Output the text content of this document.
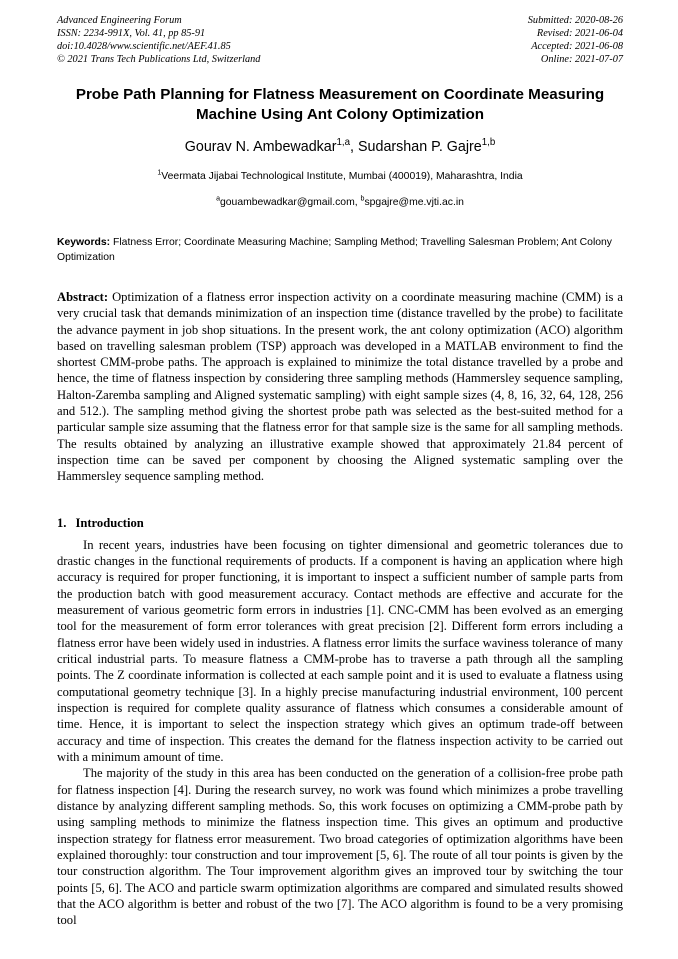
Advanced Engineering Forum
ISSN: 2234-991X, Vol. 41, pp 85-91
doi:10.4028/www.scientific.net/AEF.41.85
© 2021 Trans Tech Publications Ltd, Switzerland
Submitted: 2020-08-26
Revised: 2021-06-04
Accepted: 2021-06-08
Online: 2021-07-07
Probe Path Planning for Flatness Measurement on Coordinate Measuring Machine Using Ant Colony Optimization
Gourav N. Ambewadkar$^{1,a}$, Sudarshan P. Gajre$^{1,b}$
$^1$Veermata Jijabai Technological Institute, Mumbai (400019), Maharashtra, India
$^a$gouambewadkar@gmail.com, $^b$spgajre@me.vjti.ac.in
Keywords: Flatness Error; Coordinate Measuring Machine; Sampling Method; Travelling Salesman Problem; Ant Colony Optimization
Abstract: Optimization of a flatness error inspection activity on a coordinate measuring machine (CMM) is a very crucial task that demands minimization of an inspection time (distance travelled by the probe) to facilitate the advance payment in job shop situations. In the present work, the ant colony optimization (ACO) algorithm based on travelling salesman problem (TSP) approach was developed in a MATLAB environment to find the shortest CMM-probe paths. The approach is explained to minimize the total distance travelled by a probe and hence, the time of flatness inspection by considering three sampling methods (Hammersley sequence sampling, Halton-Zaremba sampling and Aligned systematic sampling) with eight sample sizes (4, 8, 16, 32, 64, 128, 256 and 512.). The sampling method giving the shortest probe path was selected as the best-suited method for a particular sample size assuming that the flatness error for that sample size is the same for all sampling methods. The results obtained by analyzing an illustrative example showed that approximately 21.84 percent of inspection time can be saved per component by choosing the Aligned systematic sampling over the Hammersley sequence sampling method.
1. Introduction

In recent years, industries have been focusing on tighter dimensional and geometric tolerances due to drastic changes in the functional requirements of products. If a component is having an application where high accuracy is required for proper functioning, it is important to inspect a sufficient number of sample parts from the production batch with good measurement accuracy. Contact methods are effective and accurate for the measurement of various geometric form errors in industries [1]. CNC-CMM has been evolved as an emerging tool for the measurement of form error tolerances with great precision [2]. Different form errors including a flatness error have been widely used in industries. A flatness error limits the surface waviness tolerance of many critical industrial parts. To measure flatness a CMM-probe has to traverse a path through all the sampling points. The Z coordinate information is collected at each sample point and it is used to evaluate a flatness using computational geometry technique [3]. In a highly precise manufacturing industrial environment, 100 percent inspection is required for complete quality assurance of flatness which consumes a considerable amount of time. Hence, it is important to select the inspection strategy which gives an optimum trade-off between accuracy and time of inspection. This creates the demand for the flatness inspection activity to be carried out with a minimum amount of time.

The majority of the study in this area has been conducted on the generation of a collision-free probe path for flatness inspection [4]. During the research survey, no work was found which minimizes a probe travelling distance by analyzing different sampling methods. So, this work focuses on optimizing a CMM-probe path by using sampling methods to minimize the flatness inspection time. This gives an optimum and productive inspection strategy for flatness error measurement. Two broad categories of optimization algorithms have been explained thoroughly: tour construction and tour improvement [5, 6]. The route of all tour points is given by the tour construction algorithm. The Tour improvement algorithm gives an improved tour by switching the tour points [5, 6]. The ACO and particle swarm optimization algorithms are compared and simulated results showed that the ACO algorithm is better and robust of the two [7]. The ACO algorithm is found to be a very promising tool
